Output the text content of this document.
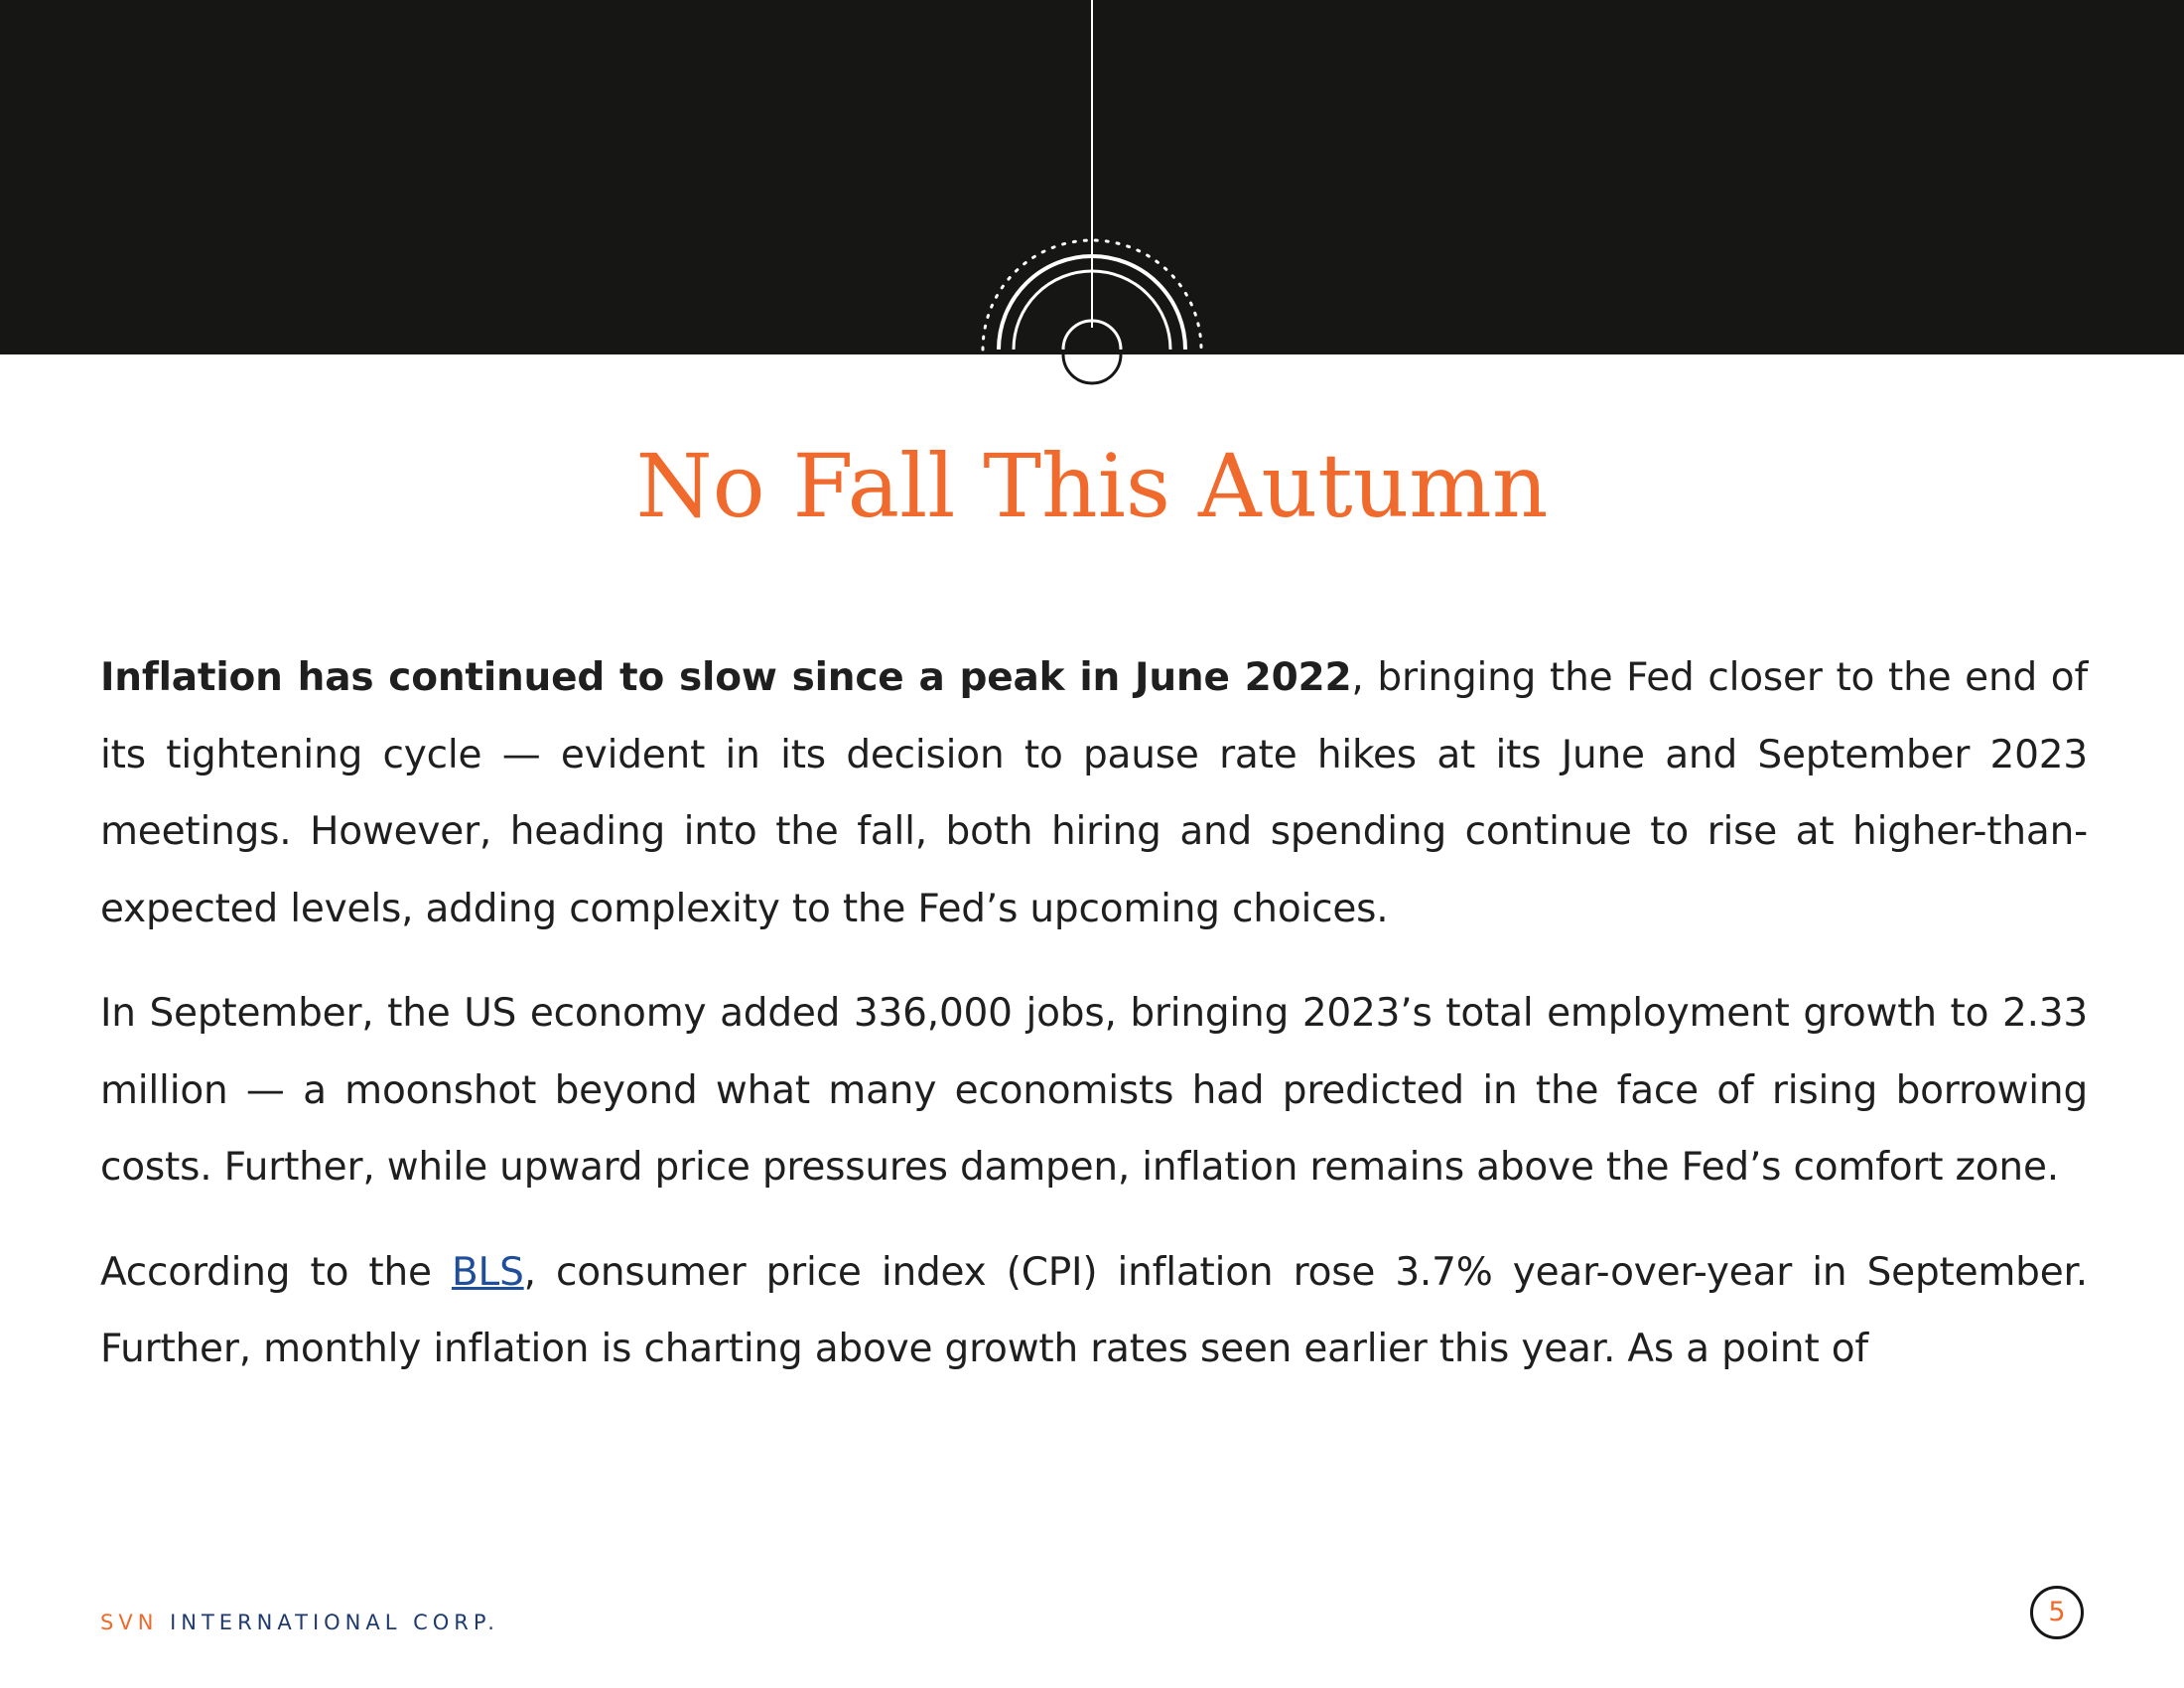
No Fall This Autumn

Inflation has continued to slow since a peak in June 2022, bringing the Fed closer to the end of its tightening cycle — evident in its decision to pause rate hikes at its June and September 2023 meetings. However, heading into the fall, both hiring and spending continue to rise at higher-than-expected levels, adding complexity to the Fed’s upcoming choices.

In September, the US economy added 336,000 jobs, bringing 2023’s total employment growth to 2.33 million — a moonshot beyond what many economists had predicted in the face of rising borrowing costs. Further, while upward price pressures dampen, inflation remains above the Fed’s comfort zone.

According to the BLS, consumer price index (CPI) inflation rose 3.7% year-over-year in September. Further, monthly inflation is charting above growth rates seen earlier this year. As a point of

SVN INTERNATIONAL CORP.	5
